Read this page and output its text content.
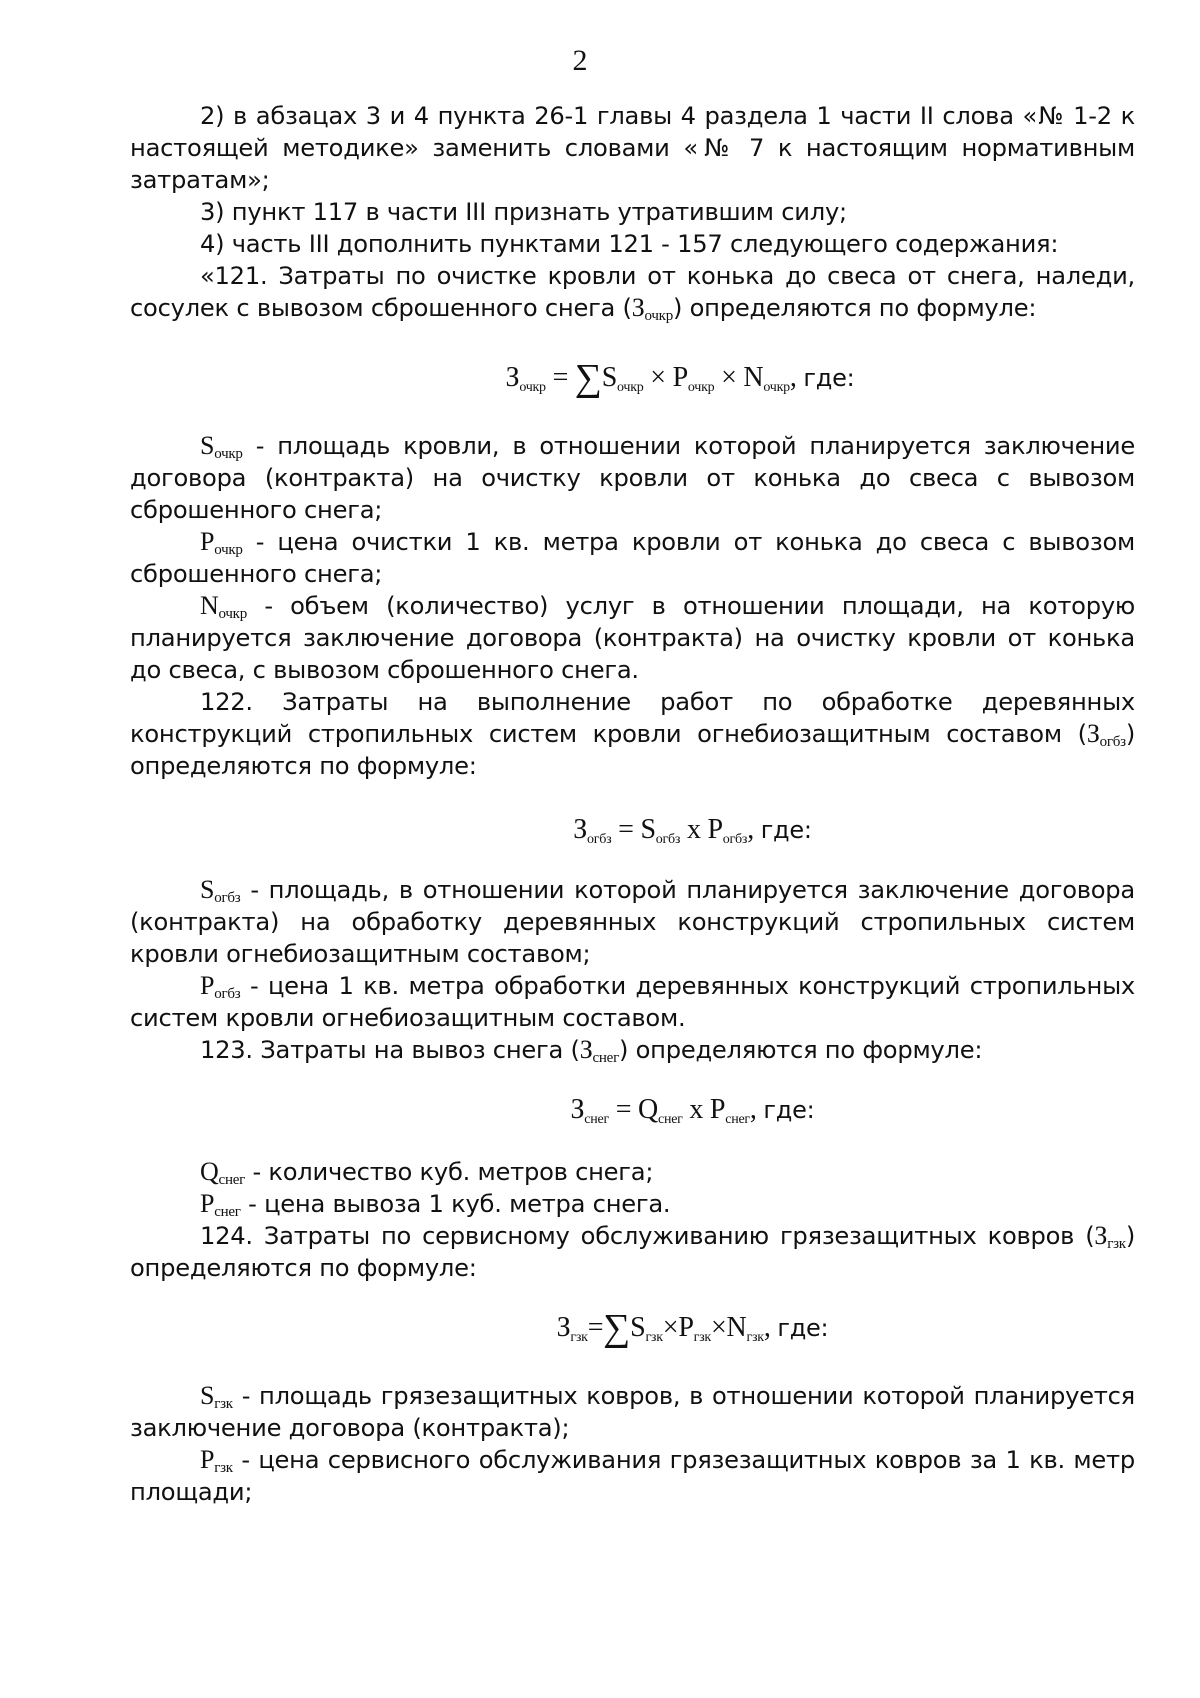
2

2) в абзацах 3 и 4 пункта 26-1 главы 4 раздела 1 части II слова «№ 1-2 к настоящей методике» заменить словами «№ 7 к настоящим нормативным затратам»;

3) пункт 117 в части III признать утратившим силу;

4) часть III дополнить пунктами 121 - 157 следующего содержания:

«121. Затраты по очистке кровли от конька до свеса от снега, наледи, сосулек с вывозом сброшенного снега $(З_{очкр})$ определяются по формуле:

$З_{очкр} = \sum S_{очкр} \times P_{очкр} \times N_{очкр}$, где:

$S_{очкр}$ - площадь кровли, в отношении которой планируется заключение договора (контракта) на очистку кровли от конька до свеса с вывозом сброшенного снега;

$P_{очкр}$ - цена очистки 1 кв. метра кровли от конька до свеса с вывозом сброшенного снега;

$N_{очкр}$ - объем (количество) услуг в отношении площади, на которую планируется заключение договора (контракта) на очистку кровли от конька до свеса, с вывозом сброшенного снега.

122. Затраты на выполнение работ по обработке деревянных конструкций стропильных систем кровли огнебиозащитным составом $(З_{огбз})$ определяются по формуле:

$З_{огбз} = S_{огбз}$ х $P_{огбз}$, где:

$S_{огбз}$ - площадь, в отношении которой планируется заключение договора (контракта) на обработку деревянных конструкций стропильных систем кровли огнебиозащитным составом;

$P_{огбз}$ - цена 1 кв. метра обработки деревянных конструкций стропильных систем кровли огнебиозащитным составом.

123. Затраты на вывоз снега $(З_{снег})$ определяются по формуле:

$З_{снег} = Q_{снег}$ х $P_{снег}$, где:

$Q_{снег}$ - количество куб. метров снега;

$P_{снег}$ - цена вывоза 1 куб. метра снега.

124. Затраты по сервисному обслуживанию грязезащитных ковров $(З_{гзк})$ определяются по формуле:

$З_{гзк}=\sum S_{гзк}\times P_{гзк}\times N_{гзк}$, где:

$S_{гзк}$ - площадь грязезащитных ковров, в отношении которой планируется заключение договора (контракта);

$P_{гзк}$ - цена сервисного обслуживания грязезащитных ковров за 1 кв. метр площади;
